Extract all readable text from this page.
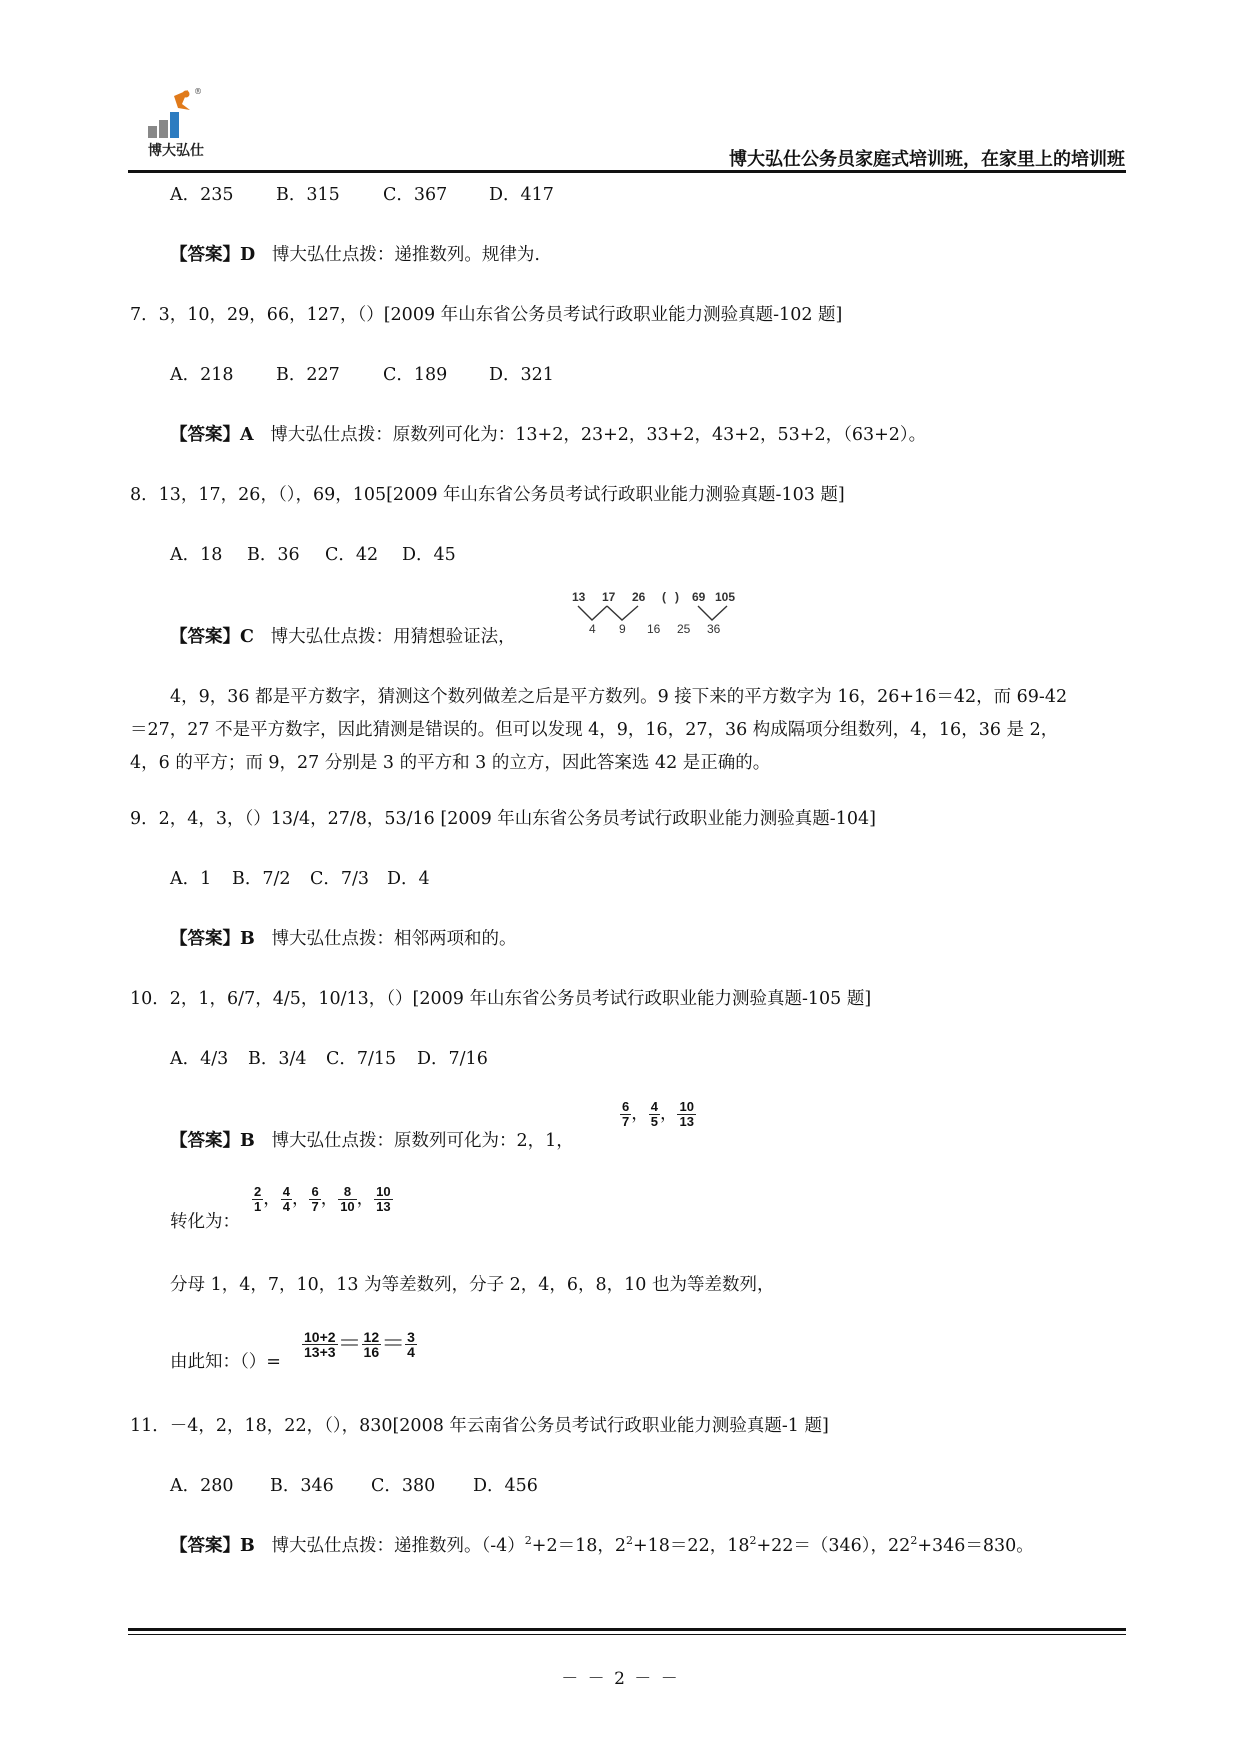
®
博大弘仕	博大弘仕公务员家庭式培训班，在家里上的培训班
A．235 B．315 C．367 D．417
【答案】D 博大弘仕点拨：递推数列。规律为.
7．3，10，29，66，127，（）[2009 年山东省公务员考试行政职业能力测验真题-102 题]
A．218 B．227 C．189 D．321
【答案】A 博大弘仕点拨：原数列可化为：13+2，23+2，33+2，43+2，53+2，（63+2）。
8．13，17，26，（），69，105[2009 年山东省公务员考试行政职业能力测验真题-103 题]
A．18 B．36 C．42 D．45
【答案】C 博大弘仕点拨：用猜想验证法，
13 17 26 ( ) 69 105
4 9 16 25 36
4，9，36 都是平方数字，猜测这个数列做差之后是平方数列。9 接下来的平方数字为 16，26+16＝42，而 69-42
＝27，27 不是平方数字，因此猜测是错误的。但可以发现 4，9，16，27，36 构成隔项分组数列，4，16，36 是 2，
4，6 的平方；而 9，27 分别是 3 的平方和 3 的立方，因此答案选 42 是正确的。
9．2，4，3，（）13/4，27/8，53/16 [2009 年山东省公务员考试行政职业能力测验真题-104]
A．1 B．7/2 C．7/3 D．4
【答案】B 博大弘仕点拨：相邻两项和的。
10．2，1，6/7，4/5，10/13，（）[2009 年山东省公务员考试行政职业能力测验真题-105 题]
A．4/3 B．3/4 C．7/15 D．7/16
【答案】B 博大弘仕点拨：原数列可化为：2，1，
$\frac{6}{7}$ ， $\frac{4}{5}$ ， $\frac{10}{13}$
转化为：
$\frac{2}{1}$ ， $\frac{4}{4}$ ， $\frac{6}{7}$ ， $\frac{8}{10}$ ， $\frac{10}{13}$
分母 1，4，7，10，13 为等差数列，分子 2，4，6，8，10 也为等差数列，
由此知：（）=
$\frac{10+2}{13+3} = \frac{12}{16} = \frac{3}{4}$
11．－4，2，18，22，（），830[2008 年云南省公务员考试行政职业能力测验真题-1 题]
A．280 B．346 C．380 D．456
【答案】B 博大弘仕点拨：递推数列。$(-4)^2+2=18$，$2^2+18=22$，$18^2+22=(346)$，$22^2+346=830$。
－ － 2 － －
